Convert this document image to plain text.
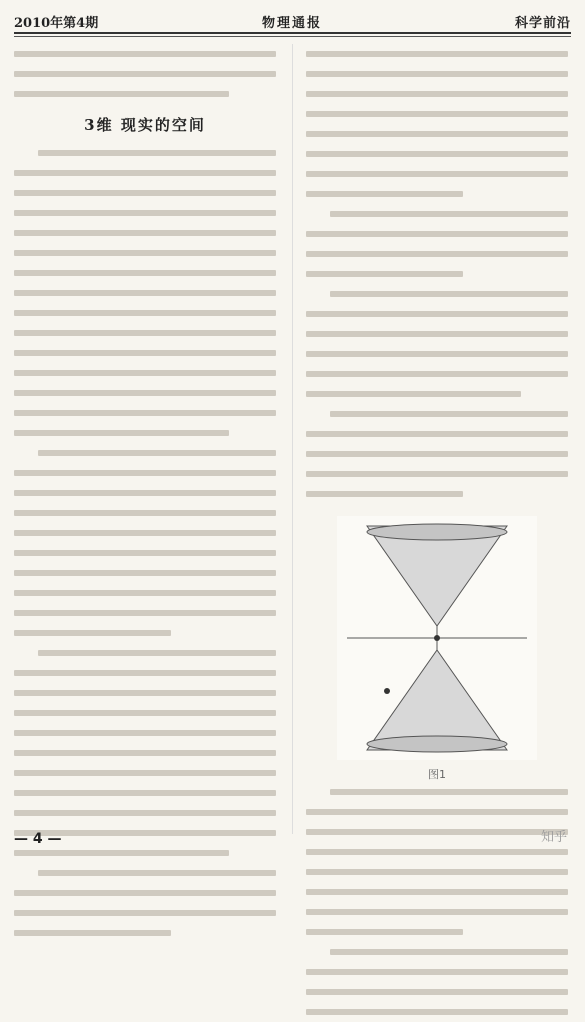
2010年第4期	物理通报	科学前沿
3维 现实的空间
图1
— 4 —	知乎
